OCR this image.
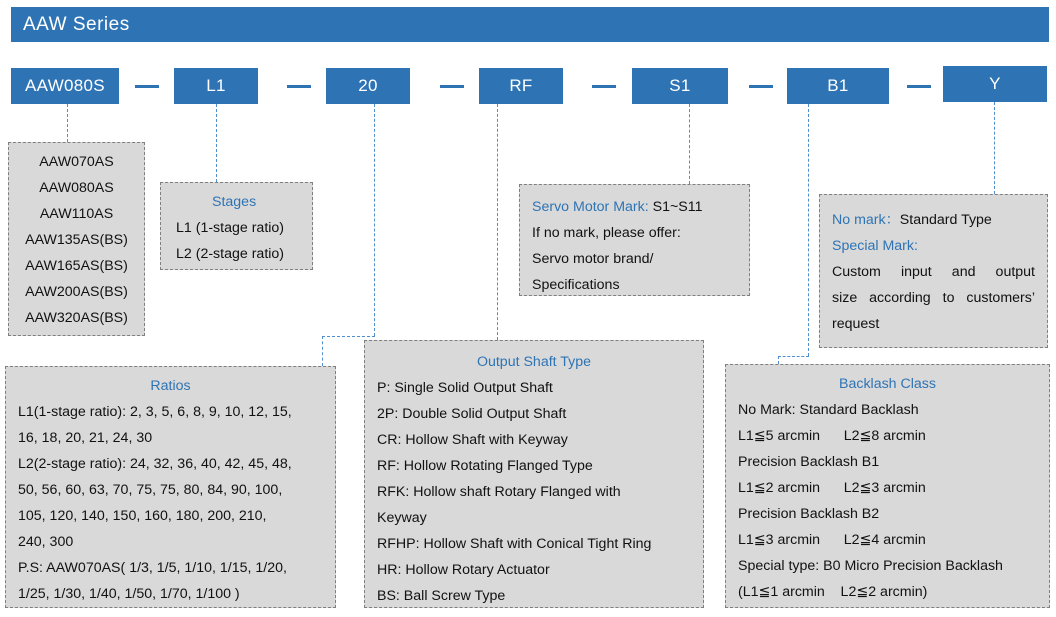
AAW Series
AAW080S	L1	20	RF	S1	B1	Y
AAW070AS
AAW080AS
AAW110AS
AAW135AS(BS)
AAW165AS(BS)
AAW200AS(BS)
AAW320AS(BS)
Stages
L1 (1-stage ratio)
L2 (2-stage ratio)
Servo Motor Mark: S1~S11
If no mark, please offer:
Servo motor brand/
Specifications
No mark：Standard Type
Special Mark:
Custom input and output
size according to customers’
request
Ratios
L1(1-stage ratio): 2, 3, 5, 6, 8, 9, 10, 12, 15,
16, 18, 20, 21, 24, 30
L2(2-stage ratio): 24, 32, 36, 40, 42, 45, 48,
50, 56, 60, 63, 70, 75, 75, 80, 84, 90, 100,
105, 120, 140, 150, 160, 180, 200, 210,
240, 300
P.S: AAW070AS( 1/3, 1/5, 1/10, 1/15, 1/20,
1/25, 1/30, 1/40, 1/50, 1/70, 1/100 )
Output Shaft Type
P: Single Solid Output Shaft
2P: Double Solid Output Shaft
CR: Hollow Shaft with Keyway
RF: Hollow Rotating Flanged Type
RFK: Hollow shaft Rotary Flanged with
Keyway
RFHP: Hollow Shaft with Conical Tight Ring
HR: Hollow Rotary Actuator
BS: Ball Screw Type
Backlash Class
No Mark: Standard Backlash
L1≦5 arcmin      L2≦8 arcmin
Precision Backlash B1
L1≦2 arcmin      L2≦3 arcmin
Precision Backlash B2
L1≦3 arcmin      L2≦4 arcmin
Special type: B0 Micro Precision Backlash
(L1≦1 arcmin    L2≦2 arcmin)
